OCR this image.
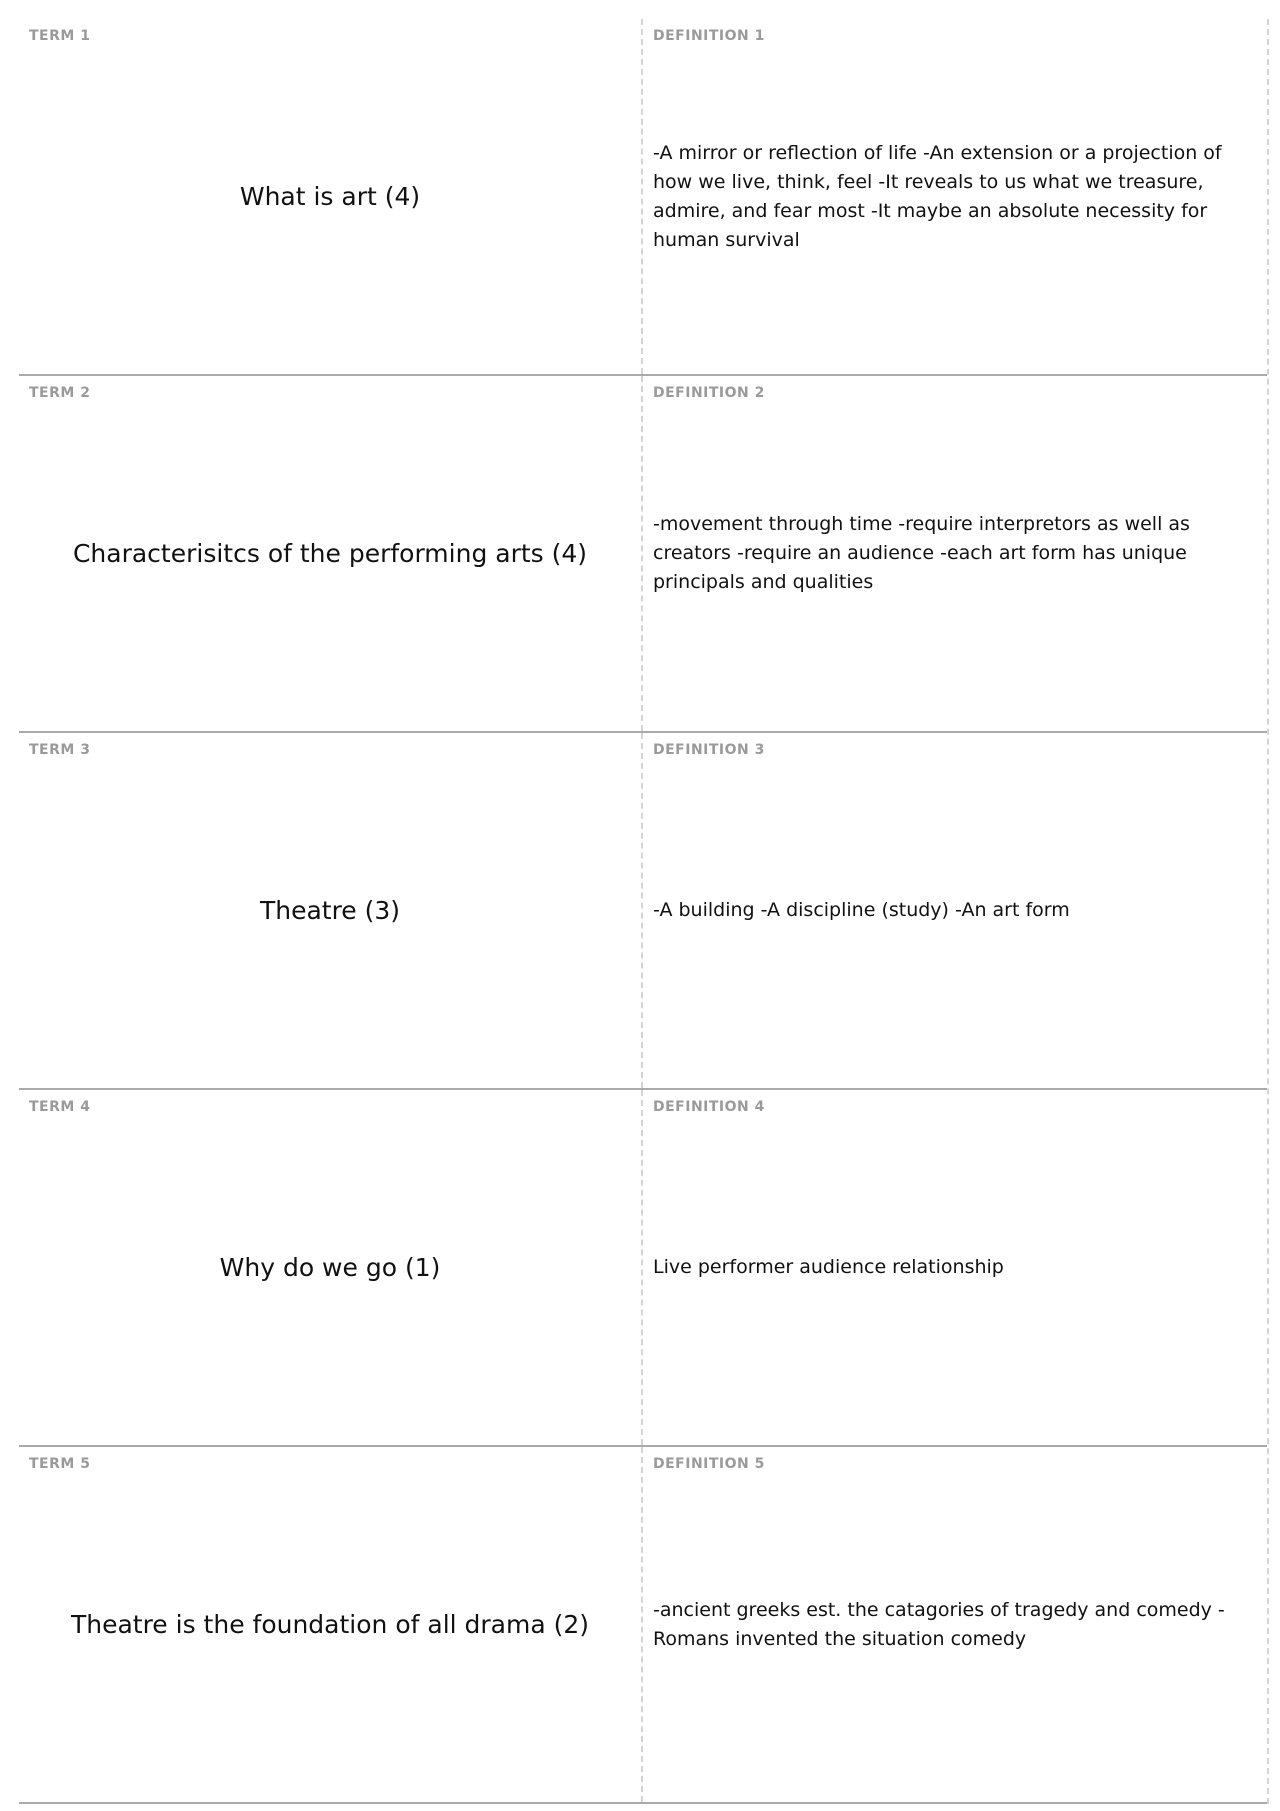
TERM 1
What is art (4)
DEFINITION 1
-A mirror or reflection of life -An extension or a projection of how we live, think, feel -It reveals to us what we treasure, admire, and fear most -It maybe an absolute necessity for human survival
TERM 2
Characterisitcs of the performing arts (4)
DEFINITION 2
-movement through time -require interpretors as well as creators -require an audience -each art form has unique principals and qualities
TERM 3
Theatre (3)
DEFINITION 3
-A building -A discipline (study) -An art form
TERM 4
Why do we go (1)
DEFINITION 4
Live performer audience relationship
TERM 5
Theatre is the foundation of all drama (2)
DEFINITION 5
-ancient greeks est. the catagories of tragedy and comedy -Romans invented the situation comedy
